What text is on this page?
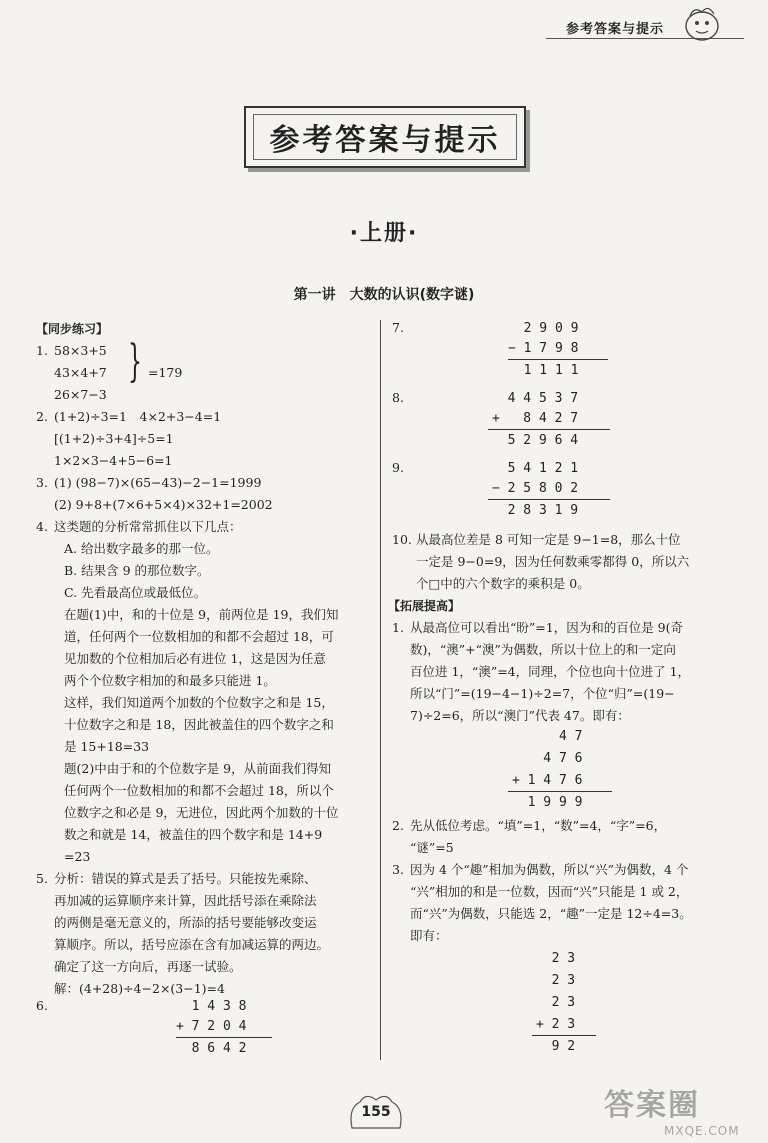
参考答案与提示
参考答案与提示
·上册·
第一讲　大数的认识(数字谜)
【同步练习】
1. 58×3+5
43×4+7
26×7−3
} =179
2. (1+2)÷3=1　4×2+3−4=1
[(1+2)÷3+4]÷5=1
1×2×3−4+5−6=1
3. (1) (98−7)×(65−43)−2−1=1999
(2) 9+8+(7×6+5×4)×32+1=2002
4. 这类题的分析常常抓住以下几点：
A. 给出数字最多的那一位。
B. 结果含 9 的那位数字。
C. 先看最高位或最低位。
在题(1)中，和的十位是 9，前两位是 19，我们知
道，任何两个一位数相加的和都不会超过 18，可
见加数的个位相加后必有进位 1，这是因为任意
两个个位数字相加的和最多只能进 1。
这样，我们知道两个加数的个位数字之和是 15，
十位数字之和是 18，因此被盖住的四个数字之和
是 15+18=33
题(2)中由于和的个位数字是 9，从前面我们得知
任何两个一位数相加的和都不会超过 18，所以个
位数字之和必是 9，无进位，因此两个加数的十位
数之和就是 14，被盖住的四个数字和是 14+9
=23
5. 分析：错误的算式是丢了括号。只能按先乘除、
再加减的运算顺序来计算，因此括号添在乘除法
的两侧是毫无意义的，所添的括号要能够改变运
算顺序。所以，括号应添在含有加减运算的两边。
确定了这一方向后，再逐一试验。
解：(4+28)÷4−2×(3−1)=4
6.	1 4 3 8
+ 7 2 0 4
8 6 4 2
7.	2 9 0 9
− 1 7 9 8
1 1 1 1
8.	4 4 5 3 7
+   8 4 2 7
5 2 9 6 4
9.	5 4 1 2 1
− 2 5 8 0 2
2 8 3 1 9
10. 从最高位差是 8 可知一定是 9−1=8，那么十位
一定是 9−0=9，因为任何数乘零都得 0，所以六
个□中的六个数字的乘积是 0。
【拓展提高】
1. 从最高位可以看出“盼”=1，因为和的百位是 9(奇
数)，“澳”+“澳”为偶数，所以十位上的和一定向
百位进 1，“澳”=4，同理，个位也向十位进了 1，
所以“门”=(19−4−1)÷2=7，个位“归”=(19−
7)÷2=6，所以“澳门”代表 47。即有：
4 7
4 7 6
+ 1 4 7 6
1 9 9 9
2. 先从低位考虑。“填”=1，“数”=4，“字”=6，
“谜”=5
3. 因为 4 个“趣”相加为偶数，所以“兴”为偶数，4 个
“兴”相加的和是一位数，因而“兴”只能是 1 或 2，
而“兴”为偶数，只能选 2，“趣”一定是 12÷4=3。
即有：
2 3
2 3
2 3
+ 2 3
9 2
155	答案圈
MXQE.COM
